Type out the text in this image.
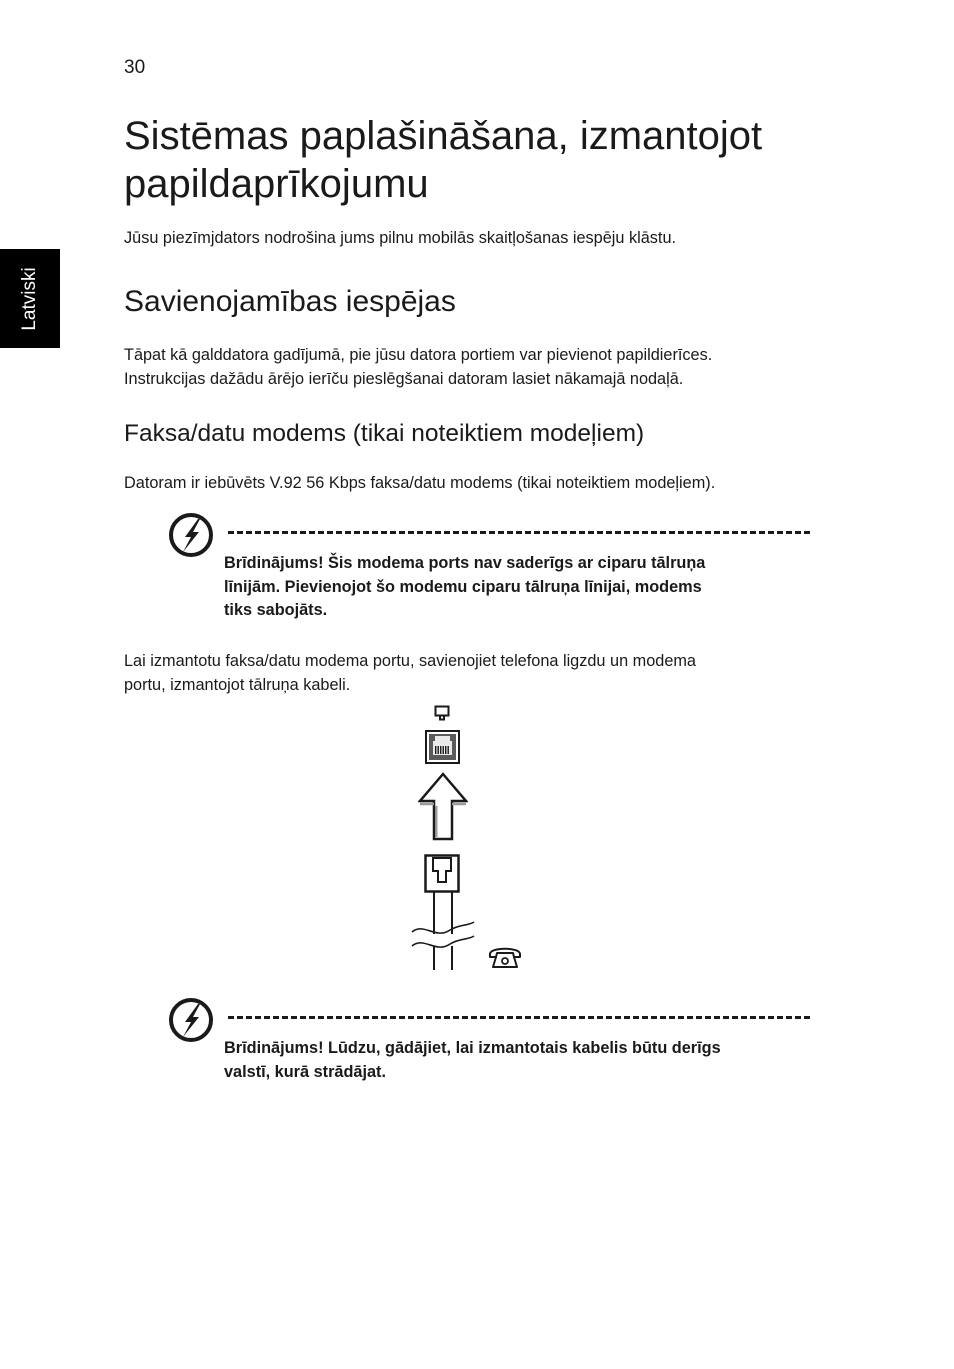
30
Latviski
Sistēmas paplašināšana, izmantojot
papildaprīkojumu

Jūsu piezīmjdators nodrošina jums pilnu mobilās skaitļošanas iespēju klāstu.

Savienojamības iespējas

Tāpat kā galddatora gadījumā, pie jūsu datora portiem var pievienot papildierīces.
Instrukcijas dažādu ārējo ierīču pieslēgšanai datoram lasiet nākamajā nodaļā.

Faksa/datu modems (tikai noteiktiem modeļiem)

Datoram ir iebūvēts V.92 56 Kbps faksa/datu modems (tikai noteiktiem modeļiem).

Brīdinājums! Šis modema ports nav saderīgs ar ciparu tālruņa
līnijām. Pievienojot šo modemu ciparu tālruņa līnijai, modems
tiks sabojāts.

Lai izmantotu faksa/datu modema portu, savienojiet telefona ligzdu un modema
portu, izmantojot tālruņa kabeli.

Brīdinājums! Lūdzu, gādājiet, lai izmantotais kabelis būtu derīgs
valstī, kurā strādājat.
